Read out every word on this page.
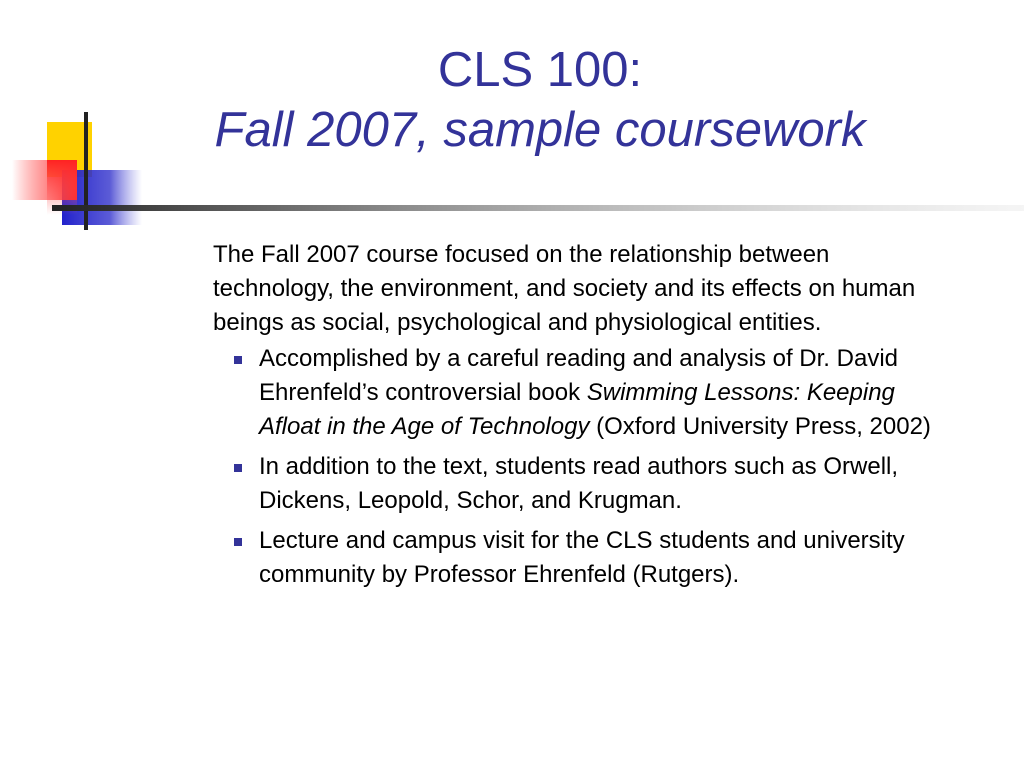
CLS 100:
Fall 2007, sample coursework

The Fall 2007 course focused on the relationship between technology, the environment, and society and its effects on human beings as social, psychological and physiological entities.

Accomplished by a careful reading and analysis of Dr. David Ehrenfeld’s controversial book Swimming Lessons: Keeping Afloat in the Age of Technology (Oxford University Press, 2002)
In addition to the text, students read authors such as Orwell, Dickens, Leopold, Schor, and Krugman.
Lecture and campus visit for the CLS students and university community by Professor Ehrenfeld (Rutgers).
